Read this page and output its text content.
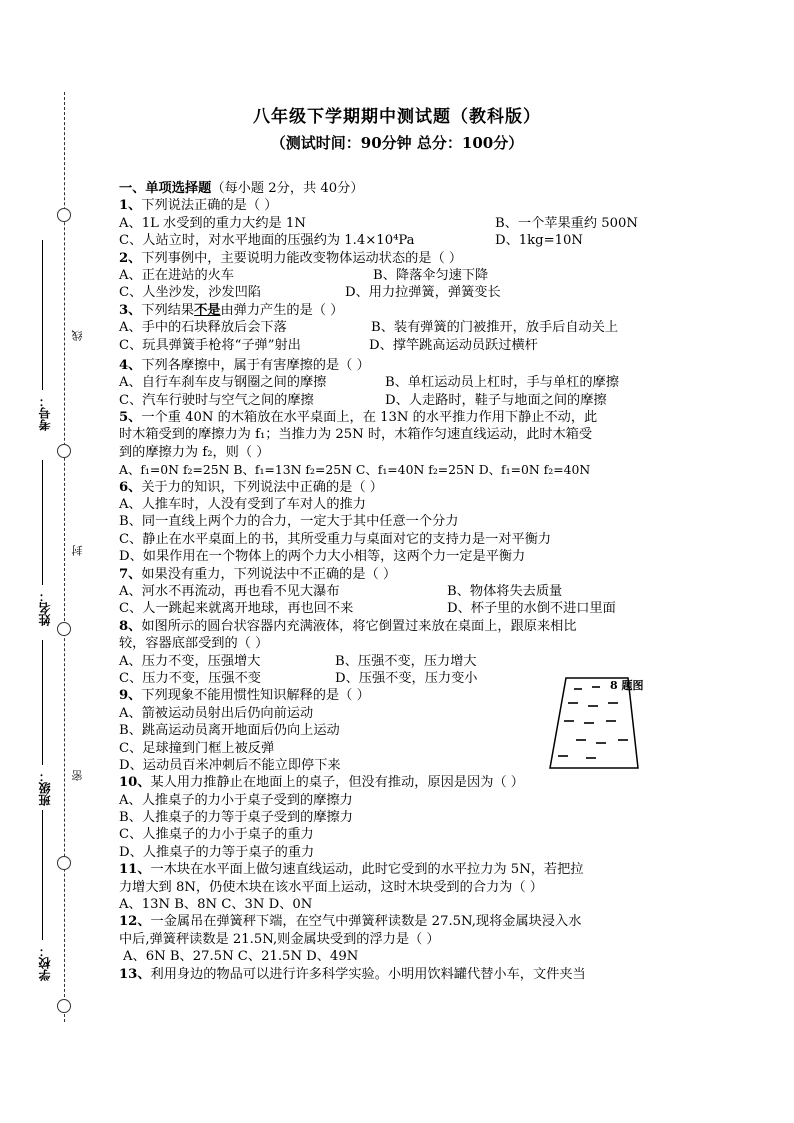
考号：
姓名：
班级：
学校：
线
封
密
八年级下学期期中测试题（教科版）
（测试时间：90分钟 总分：100分）
一、单项选择题（每小题 2分，共 40分）
1、下列说法正确的是（ ）
A、1L 水受到的重力大约是 1N	B、一个苹果重约 500N
C、人站立时，对水平地面的压强约为 1.4×10⁴Pa	D、1kg=10N
2、下列事例中，主要说明力能改变物体运动状态的是（ ）
A、正在进站的火车	B、降落伞匀速下降
C、人坐沙发，沙发凹陷	D、用力拉弹簧，弹簧变长
3、下列结果不是由弹力产生的是（ ）
A、手中的石块释放后会下落	B、装有弹簧的门被推开，放手后自动关上
C、玩具弹簧手枪将“子弹”射出	D、撑竿跳高运动员跃过横杆
4、下列各摩擦中，属于有害摩擦的是（ ）
A、自行车刹车皮与钢圈之间的摩擦	B、单杠运动员上杠时，手与单杠的摩擦
C、汽车行驶时与空气之间的摩擦	D、人走路时，鞋子与地面之间的摩擦
5、一个重 40N 的木箱放在水平桌面上，在 13N 的水平推力作用下静止不动，此
时木箱受到的摩擦力为 f₁；当推力为 25N 时，木箱作匀速直线运动，此时木箱受
到的摩擦力为 f₂，则（ ）
A、f₁=0N f₂=25N B、f₁=13N f₂=25N C、f₁=40N f₂=25N D、f₁=0N f₂=40N
6、关于力的知识，下列说法中正确的是（ ）
A、人推车时，人没有受到了车对人的推力
B、同一直线上两个力的合力，一定大于其中任意一个分力
C、静止在水平桌面上的书，其所受重力与桌面对它的支持力是一对平衡力
D、如果作用在一个物体上的两个力大小相等，这两个力一定是平衡力
7、如果没有重力，下列说法中不正确的是（ ）
A、河水不再流动，再也看不见大瀑布	B、物体将失去质量
C、人一跳起来就离开地球，再也回不来	D、杯子里的水倒不进口里面
8、如图所示的圆台状容器内充满液体，将它倒置过来放在桌面上，跟原来相比
较，容器底部受到的（ ）
A、压力不变，压强增大	B、压强不变，压力增大
C、压力不变，压强不变	D、压强不变，压力变小
9、下列现象不能用惯性知识解释的是（ ）
A、箭被运动员射出后仍向前运动
B、跳高运动员离开地面后仍向上运动
C、足球撞到门框上被反弹
D、运动员百米冲刺后不能立即停下来
10、某人用力推静止在地面上的桌子，但没有推动，原因是因为（ ）
A、人推桌子的力小于桌子受到的摩擦力
B、人推桌子的力等于桌子受到的摩擦力
C、人推桌子的力小于桌子的重力
D、人推桌子的力等于桌子的重力
11、一木块在水平面上做匀速直线运动，此时它受到的水平拉力为 5N，若把拉
力增大到 8N，仍使木块在该水平面上运动，这时木块受到的合力为（ ）
A、13N B、8N C、3N D、0N
12、一金属吊在弹簧秤下端，在空气中弹簧秤读数是 27.5N,现将金属块浸入水
中后,弹簧秤读数是 21.5N,则金属块受到的浮力是（ ）
A、6N B、27.5N C、21.5N D、49N
13、利用身边的物品可以进行许多科学实验。小明用饮料罐代替小车，文件夹当
8 题图
